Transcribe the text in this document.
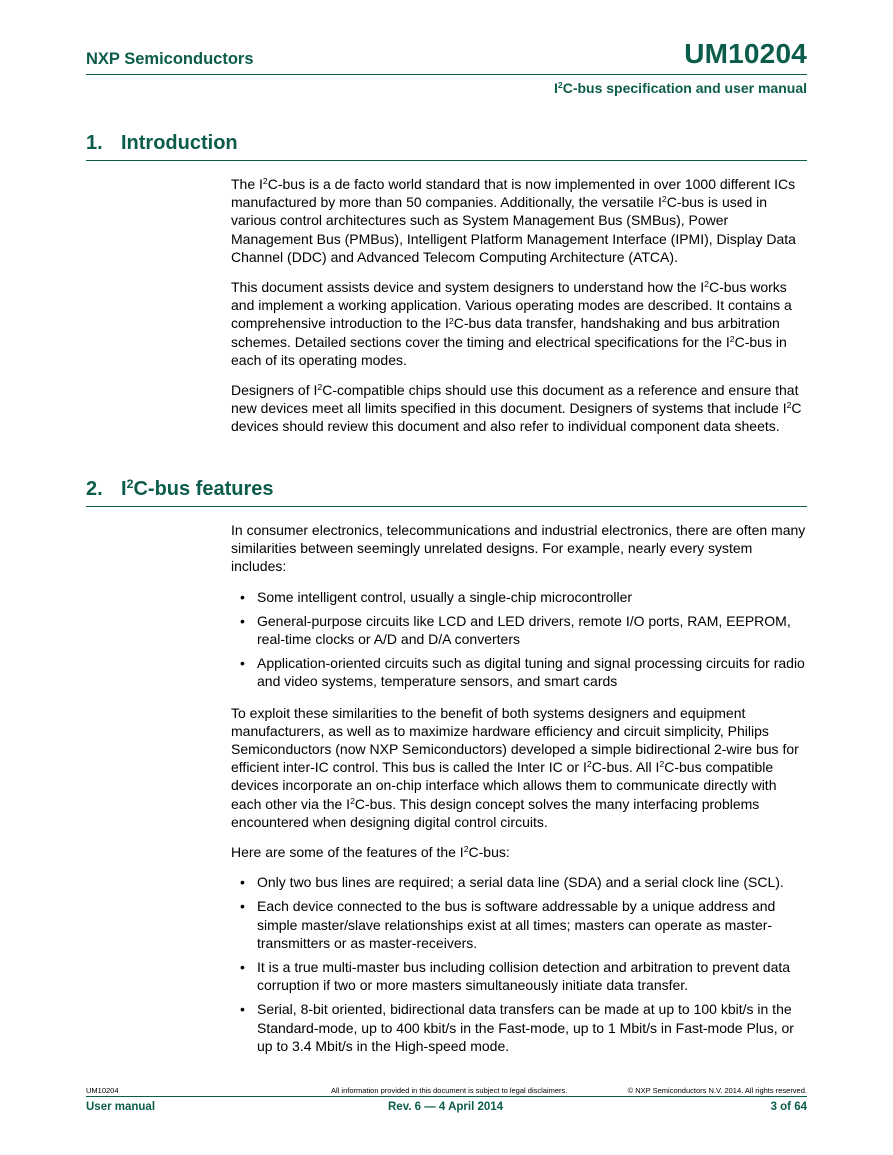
NXP Semiconductors	UM10204
$I^2C$-bus specification and user manual
1. Introduction

The $I^2C$-bus is a de facto world standard that is now implemented in over 1000 different ICs manufactured by more than 50 companies. Additionally, the versatile $I^2C$-bus is used in various control architectures such as System Management Bus (SMBus), Power Management Bus (PMBus), Intelligent Platform Management Interface (IPMI), Display Data Channel (DDC) and Advanced Telecom Computing Architecture (ATCA).

This document assists device and system designers to understand how the $I^2C$-bus works and implement a working application. Various operating modes are described. It contains a comprehensive introduction to the $I^2C$-bus data transfer, handshaking and bus arbitration schemes. Detailed sections cover the timing and electrical specifications for the $I^2C$-bus in each of its operating modes.

Designers of $I^2C$-compatible chips should use this document as a reference and ensure that new devices meet all limits specified in this document. Designers of systems that include $I^2C$ devices should review this document and also refer to individual component data sheets.

2. $I^2C$-bus features

In consumer electronics, telecommunications and industrial electronics, there are often many similarities between seemingly unrelated designs. For example, nearly every system includes:

• Some intelligent control, usually a single-chip microcontroller
• General-purpose circuits like LCD and LED drivers, remote I/O ports, RAM, EEPROM, real-time clocks or A/D and D/A converters
• Application-oriented circuits such as digital tuning and signal processing circuits for radio and video systems, temperature sensors, and smart cards

To exploit these similarities to the benefit of both systems designers and equipment manufacturers, as well as to maximize hardware efficiency and circuit simplicity, Philips Semiconductors (now NXP Semiconductors) developed a simple bidirectional 2-wire bus for efficient inter-IC control. This bus is called the Inter IC or $I^2C$-bus. All $I^2C$-bus compatible devices incorporate an on-chip interface which allows them to communicate directly with each other via the $I^2C$-bus. This design concept solves the many interfacing problems encountered when designing digital control circuits.

Here are some of the features of the $I^2C$-bus:

• Only two bus lines are required; a serial data line (SDA) and a serial clock line (SCL).
• Each device connected to the bus is software addressable by a unique address and simple master/slave relationships exist at all times; masters can operate as master-transmitters or as master-receivers.
• It is a true multi-master bus including collision detection and arbitration to prevent data corruption if two or more masters simultaneously initiate data transfer.
• Serial, 8-bit oriented, bidirectional data transfers can be made at up to 100 kbit/s in the Standard-mode, up to 400 kbit/s in the Fast-mode, up to 1 Mbit/s in Fast-mode Plus, or up to 3.4 Mbit/s in the High-speed mode.
UM10204	All information provided in this document is subject to legal disclaimers.	© NXP Semiconductors N.V. 2014. All rights reserved.
User manual	Rev. 6 — 4 April 2014	3 of 64
